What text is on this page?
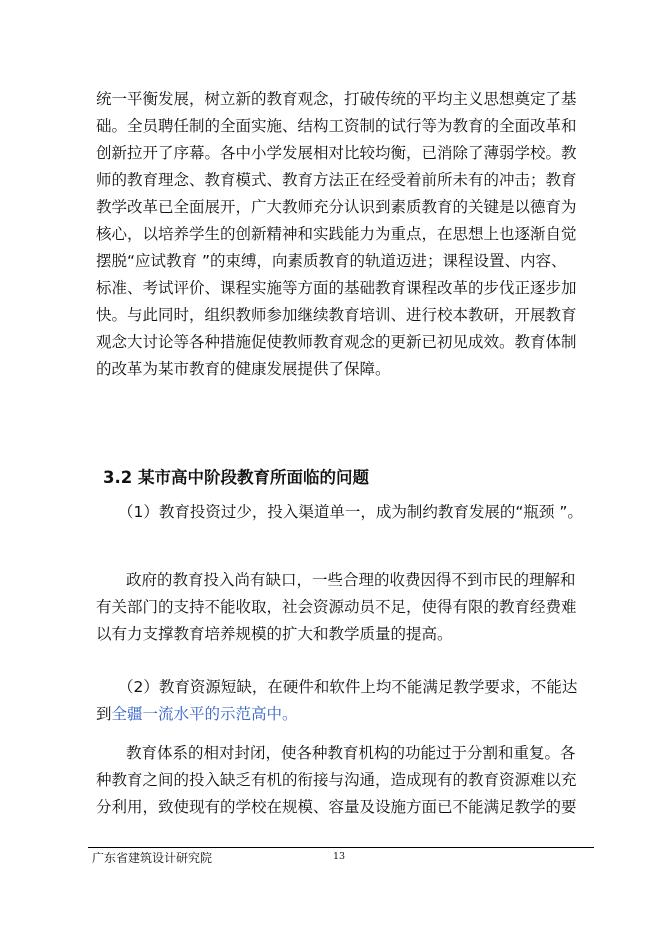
统一平衡发展，树立新的教育观念，打破传统的平均主义思想奠定了基
础。全员聘任制的全面实施、结构工资制的试行等为教育的全面改革和
创新拉开了序幕。各中小学发展相对比较均衡，已消除了薄弱学校。教
师的教育理念、教育模式、教育方法正在经受着前所未有的冲击；教育
教学改革已全面展开，广大教师充分认识到素质教育的关键是以德育为
核心，以培养学生的创新精神和实践能力为重点，在思想上也逐渐自觉
摆脱“应试教育 ”的束缚，向素质教育的轨道迈进；课程设置、内容、
标准、考试评价、课程实施等方面的基础教育课程改革的步伐正逐步加
快。与此同时，组织教师参加继续教育培训、进行校本教研，开展教育
观念大讨论等各种措施促使教师教育观念的更新已初见成效。教育体制
的改革为某市教育的健康发展提供了保障。
3.2 某市高中阶段教育所面临的问题
（1）教育投资过少，投入渠道单一，成为制约教育发展的“瓶颈 ”。
政府的教育投入尚有缺口，一些合理的收费因得不到市民的理解和
有关部门的支持不能收取，社会资源动员不足，使得有限的教育经费难
以有力支撑教育培养规模的扩大和教学质量的提高。
（2）教育资源短缺，在硬件和软件上均不能满足教学要求，不能达
到全疆一流水平的示范高中。
教育体系的相对封闭，使各种教育机构的功能过于分割和重复。各
种教育之间的投入缺乏有机的衔接与沟通，造成现有的教育资源难以充
分利用，致使现有的学校在规模、容量及设施方面已不能满足教学的要
广东省建筑设计研究院	13
